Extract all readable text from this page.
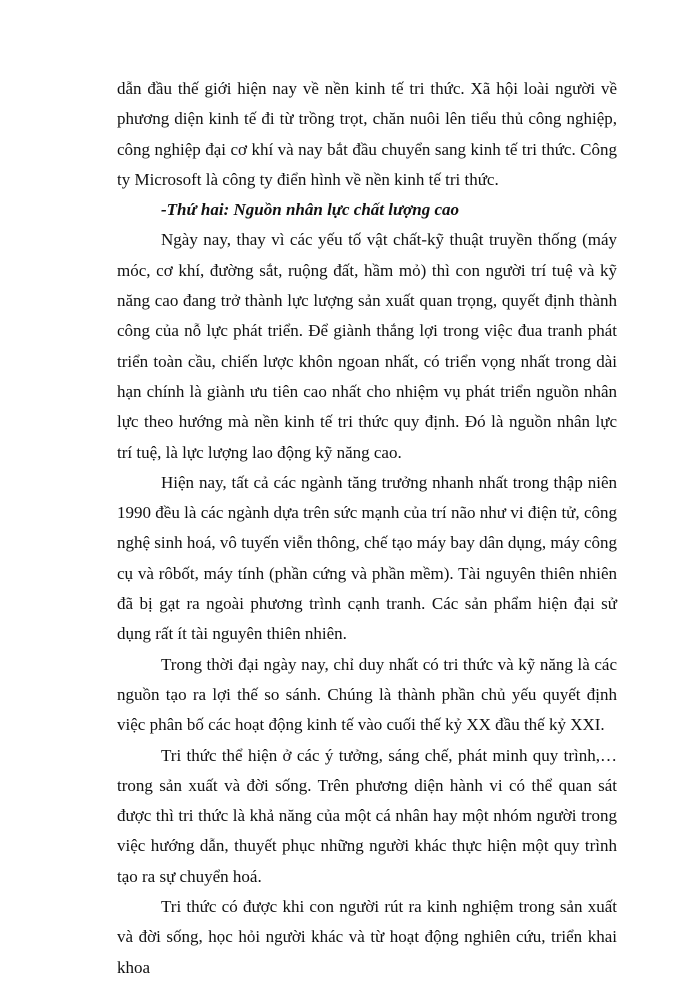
dẫn đầu thế giới hiện nay về nền kinh tế tri thức. Xã hội loài người về phương diện kinh tế đi từ trồng trọt, chăn nuôi lên tiểu thủ công nghiệp, công nghiệp đại cơ khí và nay bắt đầu chuyển sang kinh tế tri thức. Công ty Microsoft là công ty điển hình về nền kinh tế tri thức.

-Thứ hai: Nguồn nhân lực chất lượng cao

Ngày nay, thay vì các yếu tố vật chất-kỹ thuật truyền thống (máy móc, cơ khí, đường sắt, ruộng đất, hầm mỏ) thì con người trí tuệ và kỹ năng cao đang trở thành lực lượng sản xuất quan trọng, quyết định thành công của nỗ lực phát triển. Để giành thắng lợi trong việc đua tranh phát triển toàn cầu, chiến lược khôn ngoan nhất, có triển vọng nhất trong dài hạn chính là giành ưu tiên cao nhất cho nhiệm vụ phát triển nguồn nhân lực theo hướng mà nền kinh tế tri thức quy định. Đó là nguồn nhân lực trí tuệ, là lực lượng lao động kỹ năng cao.

Hiện nay, tất cả các ngành tăng trưởng nhanh nhất trong thập niên 1990 đều là các ngành dựa trên sức mạnh của trí não như vi điện tử, công nghệ sinh hoá, vô tuyến viễn thông, chế tạo máy bay dân dụng, máy công cụ và rôbốt, máy tính (phần cứng và phần mềm). Tài nguyên thiên nhiên đã bị gạt ra ngoài phương trình cạnh tranh. Các sản phẩm hiện đại sử dụng rất ít tài nguyên thiên nhiên.

Trong thời đại ngày nay, chỉ duy nhất có tri thức và kỹ năng là các nguồn tạo ra lợi thế so sánh. Chúng là thành phần chủ yếu quyết định việc phân bố các hoạt động kinh tế vào cuối thế kỷ XX đầu thế kỷ XXI.

Tri thức thể hiện ở các ý tưởng, sáng chế, phát minh quy trình,… trong sản xuất và đời sống. Trên phương diện hành vi có thể quan sát được thì tri thức là khả năng của một cá nhân hay một nhóm người trong việc hướng dẫn, thuyết phục những người khác thực hiện một quy trình tạo ra sự chuyển hoá.

Tri thức có được khi con người rút ra kinh nghiệm trong sản xuất và đời sống, học hỏi người khác và từ hoạt động nghiên cứu, triển khai khoa
